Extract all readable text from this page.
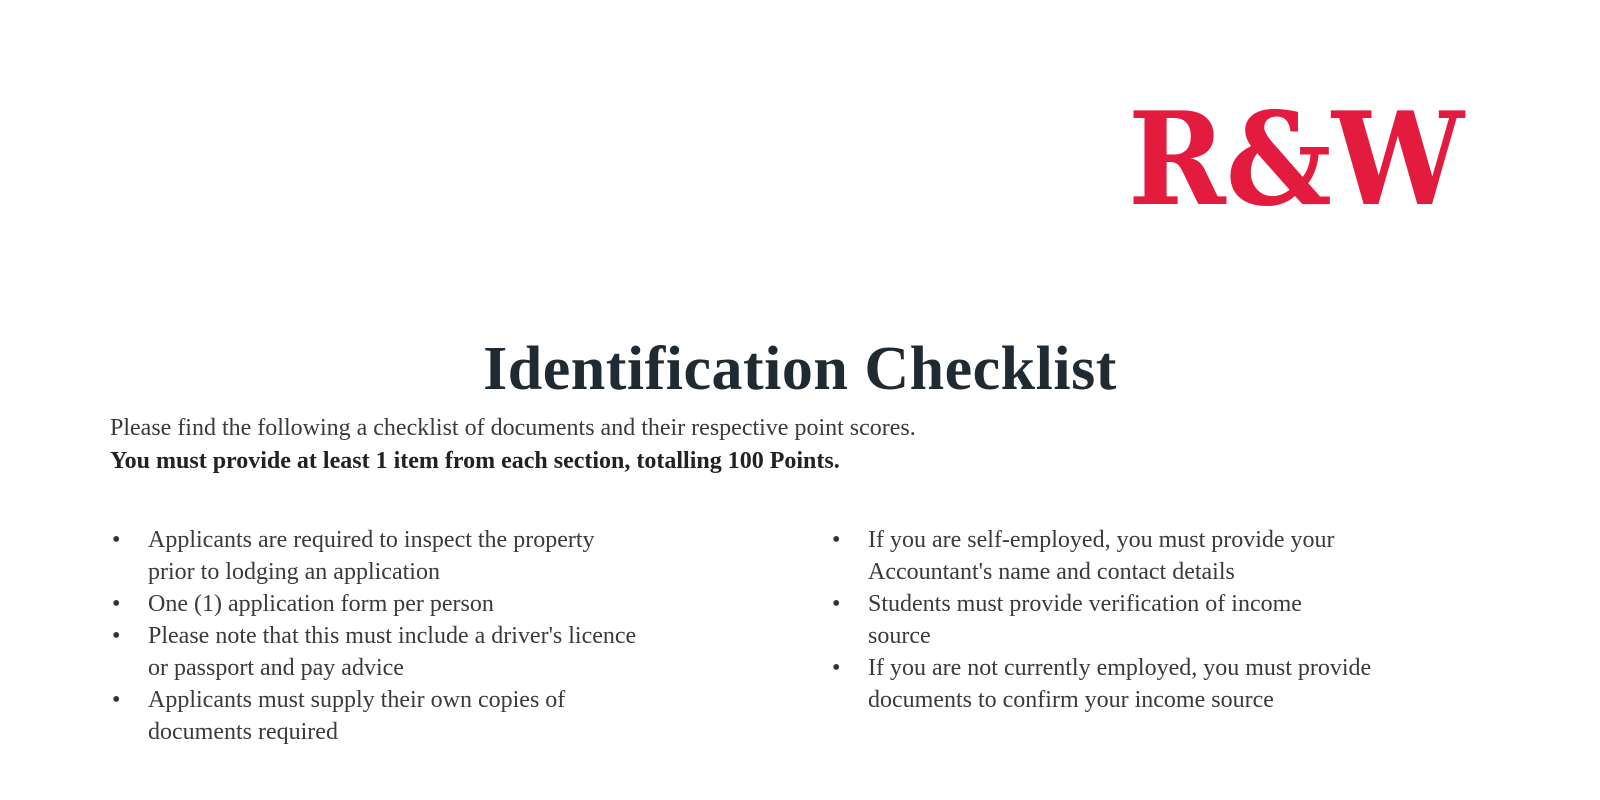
R&W
Identification Checklist
Please find the following a checklist of documents and their respective point scores.
You must provide at least 1 item from each section, totalling 100 Points.
• Applicants are required to inspect the property
prior to lodging an application
• One (1) application form per person
• Please note that this must include a driver's licence
or passport and pay advice
• Applicants must supply their own copies of
documents required
• If you are self-employed, you must provide your
Accountant's name and contact details
• Students must provide verification of income
source
• If you are not currently employed, you must provide
documents to confirm your income source
